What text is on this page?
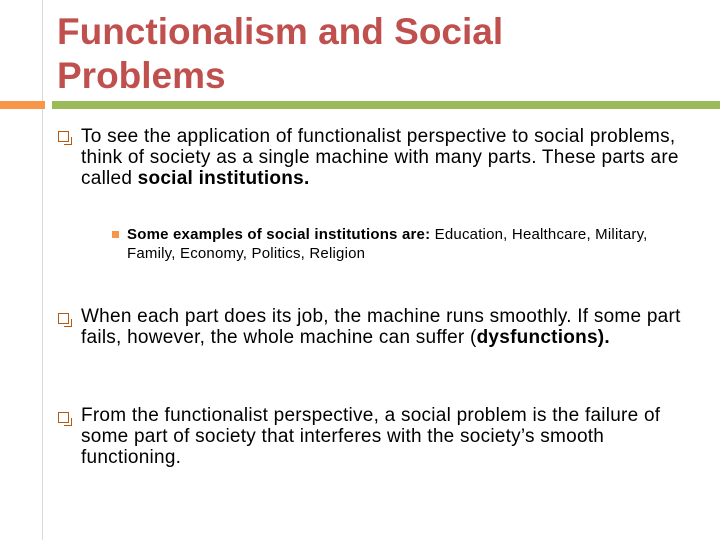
Functionalism and Social
Problems

To see the application of functionalist perspective to social problems, think of society as a single machine with many parts. These parts are called social institutions.

Some examples of social institutions are: Education, Healthcare, Military, Family, Economy, Politics, Religion

When each part does its job, the machine runs smoothly. If some part fails, however, the whole machine can suffer (dysfunctions).

From the functionalist perspective, a social problem is the failure of some part of society that interferes with the society’s smooth functioning.
